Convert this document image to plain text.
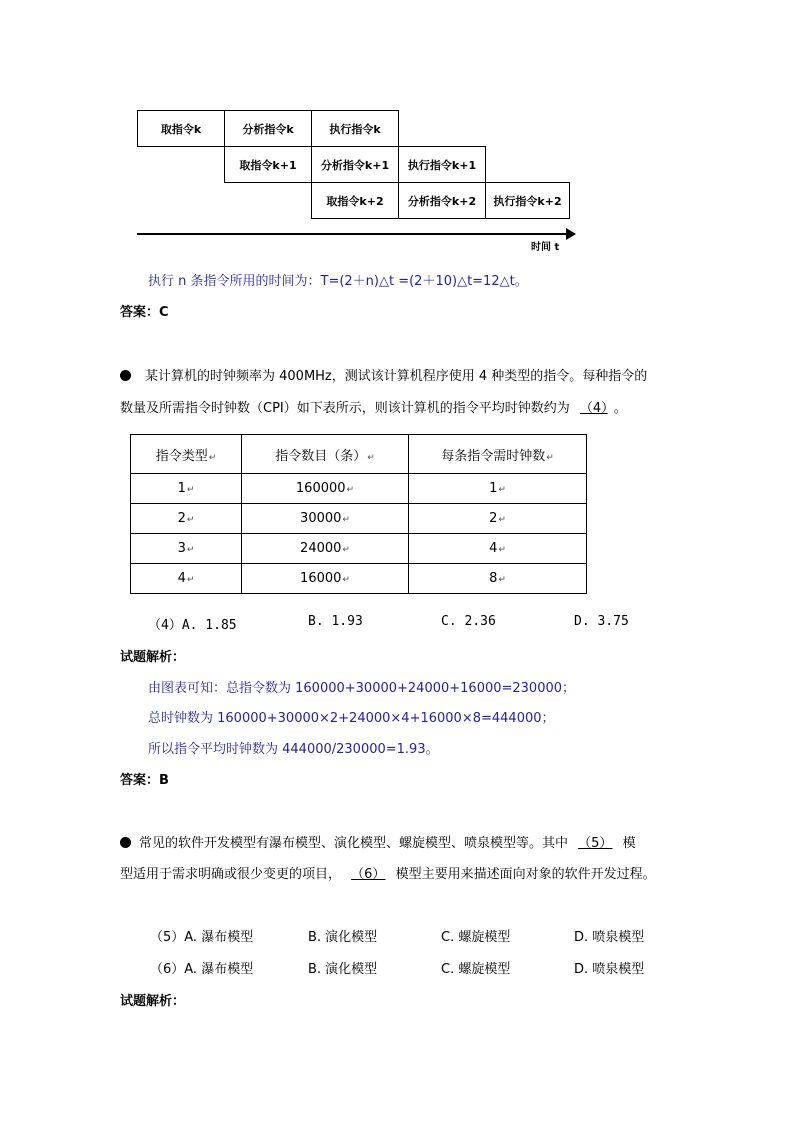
取指令k	分析指令k	执行指令k
取指令k+1	分析指令k+1	执行指令k+1
取指令k+2	分析指令k+2	执行指令k+2
时间 t
执行 n 条指令所用的时间为：T=(2＋n)△t =(2＋10)△t=12△t。
答案：C
某计算机的时钟频率为 400MHz，测试该计算机程序使用 4 种类型的指令。每种指令的
数量及所需指令时钟数（CPI）如下表所示，则该计算机的指令平均时钟数约为 （4） 。
指令类型↵	指令数目（条）↵	每条指令需时钟数↵
1↵	160000↵	1↵
2↵	30000↵	2↵
3↵	24000↵	4↵
4↵	16000↵	8↵
（4）A. 1.85	B. 1.93	C. 2.36	D. 3.75
试题解析：
由图表可知：总指令数为 160000+30000+24000+16000=230000；
总时钟数为 160000+30000×2+24000×4+16000×8=444000；
所以指令平均时钟数为 444000/230000=1.93。
答案：B
常见的软件开发模型有瀑布模型、演化模型、螺旋模型、喷泉模型等。其中 （5） 模
型适用于需求明确或很少变更的项目， （6） 模型主要用来描述面向对象的软件开发过程。
（5）A. 瀑布模型	B. 演化模型	C. 螺旋模型	D. 喷泉模型
（6）A. 瀑布模型	B. 演化模型	C. 螺旋模型	D. 喷泉模型
试题解析：
